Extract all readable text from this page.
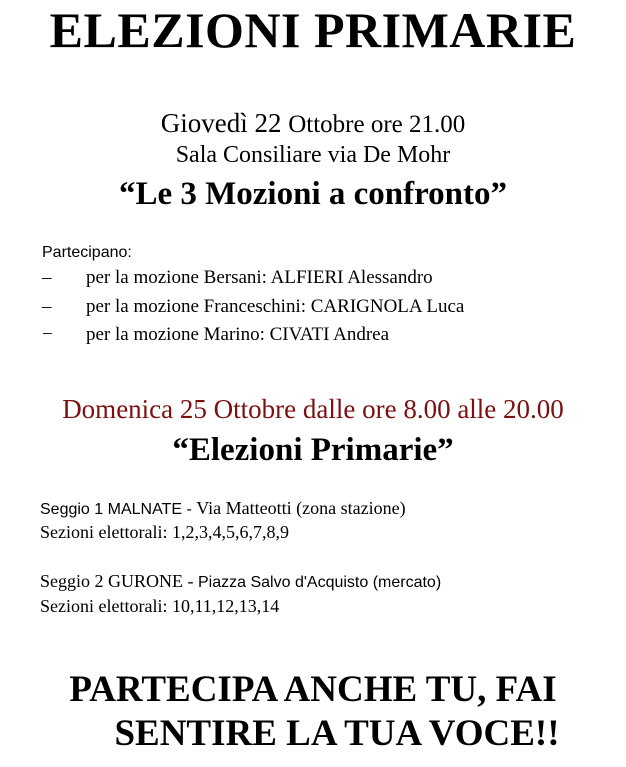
ELEZIONI PRIMARIE
Giovedì 22 Ottobre ore 21.00
Sala Consiliare via De Mohr
“Le 3 Mozioni a confronto”
Partecipano:
– per la mozione Bersani: ALFIERI Alessandro
– per la mozione Franceschini: CARIGNOLA Luca
− per la mozione Marino: CIVATI Andrea
Domenica 25 Ottobre dalle ore 8.00 alle 20.00
“Elezioni Primarie”
Seggio 1 MALNATE - Via Matteotti (zona stazione)
Sezioni elettorali: 1,2,3,4,5,6,7,8,9
Seggio 2 GURONE - Piazza Salvo d'Acquisto (mercato)
Sezioni elettorali: 10,11,12,13,14
PARTECIPA ANCHE TU, FAI
SENTIRE LA TUA VOCE!!
